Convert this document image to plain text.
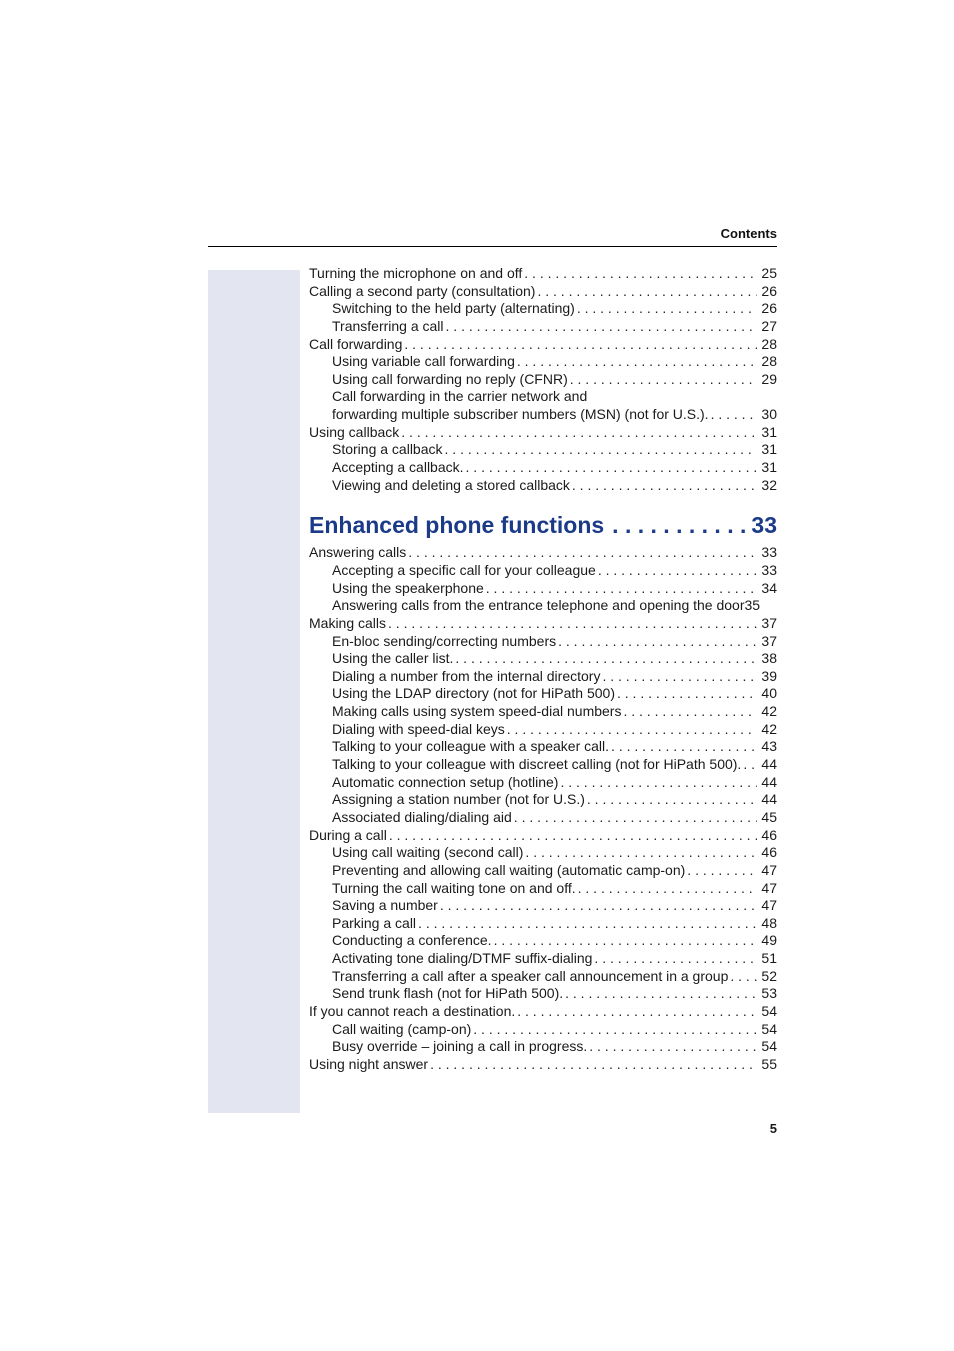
Contents
Turning the microphone on and off . . .	25
Calling a second party (consultation) . . .	26
Switching to the held party (alternating) . . .	26
Transferring a call . . .	27
Call forwarding . . .	28
Using variable call forwarding . . .	28
Using call forwarding no reply (CFNR) . . .	29
Call forwarding in the carrier network and
forwarding multiple subscriber numbers (MSN) (not for U.S.). . . .	30
Using callback . . .	31
Storing a callback . . .	31
Accepting a callback. . . .	31
Viewing and deleting a stored callback . . .	32
Enhanced phone functions . . .	33
Answering calls . . .	33
Accepting a specific call for your colleague . . .	33
Using the speakerphone . . .	34
Answering calls from the entrance telephone and opening the door 35
Making calls . . .	37
En-bloc sending/correcting numbers . . .	37
Using the caller list. . . .	38
Dialing a number from the internal directory . . .	39
Using the LDAP directory (not for HiPath 500) . . .	40
Making calls using system speed-dial numbers . . .	42
Dialing with speed-dial keys . . .	42
Talking to your colleague with a speaker call. . . .	43
Talking to your colleague with discreet calling (not for HiPath 500). . . . 44
Automatic connection setup (hotline) . . .	44
Assigning a station number (not for U.S.) . . .	44
Associated dialing/dialing aid . . .	45
During a call . . .	46
Using call waiting (second call) . . .	46
Preventing and allowing call waiting (automatic camp-on) . . .	47
Turning the call waiting tone on and off. . . .	47
Saving a number . . .	47
Parking a call . . .	48
Conducting a conference. . . .	49
Activating tone dialing/DTMF suffix-dialing . . .	51
Transferring a call after a speaker call announcement in a group . . . 52
Send trunk flash (not for HiPath 500). . . .	53
If you cannot reach a destination. . . .	54
Call waiting (camp-on) . . .	54
Busy override – joining a call in progress. . . .	54
Using night answer . . .	55
5
